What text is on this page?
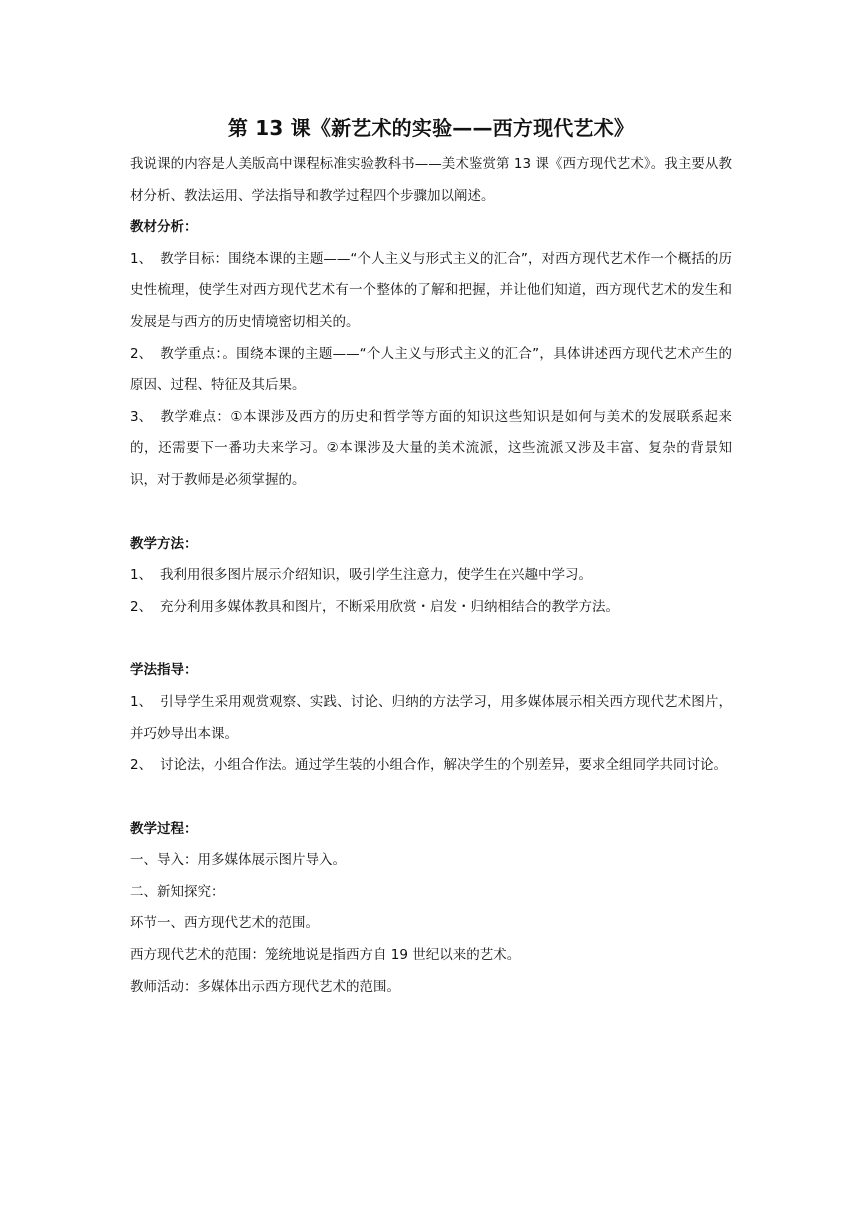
第 13 课《新艺术的实验——西方现代艺术》

我说课的内容是人美版高中课程标准实验教科书——美术鉴赏第 13 课《西方现代艺术》。我主要从教材分析、教法运用、学法指导和教学过程四个步骤加以阐述。

教材分析：

1、 教学目标：围绕本课的主题——“个人主义与形式主义的汇合”，对西方现代艺术作一个概括的历史性梳理，使学生对西方现代艺术有一个整体的了解和把握，并让他们知道，西方现代艺术的发生和发展是与西方的历史情境密切相关的。

2、 教学重点：。围绕本课的主题——“个人主义与形式主义的汇合”，具体讲述西方现代艺术产生的原因、过程、特征及其后果。

3、 教学难点：①本课涉及西方的历史和哲学等方面的知识这些知识是如何与美术的发展联系起来的，还需要下一番功夫来学习。②本课涉及大量的美术流派，这些流派又涉及丰富、复杂的背景知识，对于教师是必须掌握的。

教学方法：

1、 我利用很多图片展示介绍知识，吸引学生注意力，使学生在兴趣中学习。

2、 充分利用多媒体教具和图片，不断采用欣赏・启发・归纳相结合的教学方法。

学法指导：

1、 引导学生采用观赏观察、实践、讨论、归纳的方法学习，用多媒体展示相关西方现代艺术图片，并巧妙导出本课。

2、 讨论法，小组合作法。通过学生装的小组合作，解决学生的个别差异，要求全组同学共同讨论。

教学过程：

一、导入：用多媒体展示图片导入。

二、新知探究：

环节一、西方现代艺术的范围。

西方现代艺术的范围：笼统地说是指西方自 19 世纪以来的艺术。

教师活动：多媒体出示西方现代艺术的范围。
